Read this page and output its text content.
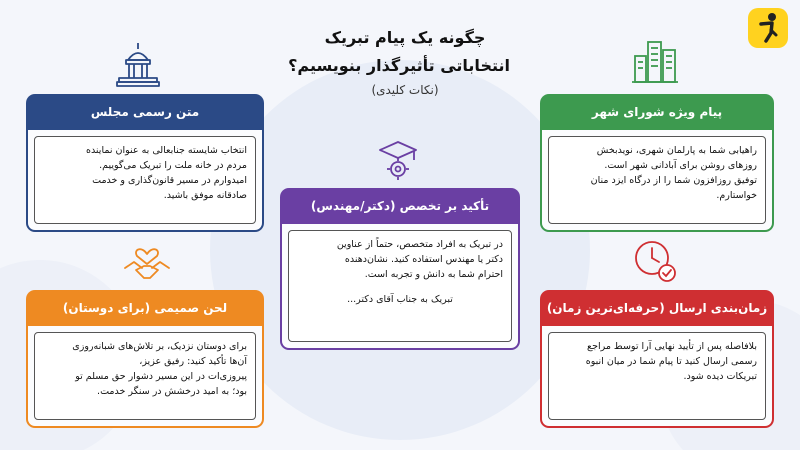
چگونه یک پیام تبریک
انتخاباتی تأثیرگذار بنویسیم؟
(نکات کلیدی)
متن رسمی مجلس
انتخاب شایسته جنابعالی به عنوان نماینده
مردم در خانه ملت را تبریک می‌گوییم.
امیدوارم در مسیر قانون‌گذاری و خدمت
صادقانه موفق باشید.
پیام ویژه شورای شهر
راهیابی شما به پارلمان شهری، نویدبخش
روزهای روشن برای آبادانی شهر است.
توفیق روزافزون شما را از درگاه ایزد منان
خواستارم.
تأکید بر تخصص (دکتر/مهندس)
در تبریک به افراد متخصص، حتماً از عناوین
دکتر یا مهندس استفاده کنید. نشان‌دهنده
احترام شما به دانش و تجربه است.
تبریک به جناب آقای دکتر...
لحن صمیمی (برای دوستان)
برای دوستان نزدیک، بر تلاش‌های شبانه‌روزی
آن‌ها تأکید کنید: رفیق عزیز،
پیروزی‌ات در این مسیر دشوار حق مسلم تو
بود؛ به امید درخشش در سنگر خدمت.
زمان‌بندی ارسال (حرفه‌ای‌ترین زمان)
بلافاصله پس از تأیید نهایی آرا توسط مراجع
رسمی ارسال کنید تا پیام شما در میان انبوه
تبریکات دیده شود.
